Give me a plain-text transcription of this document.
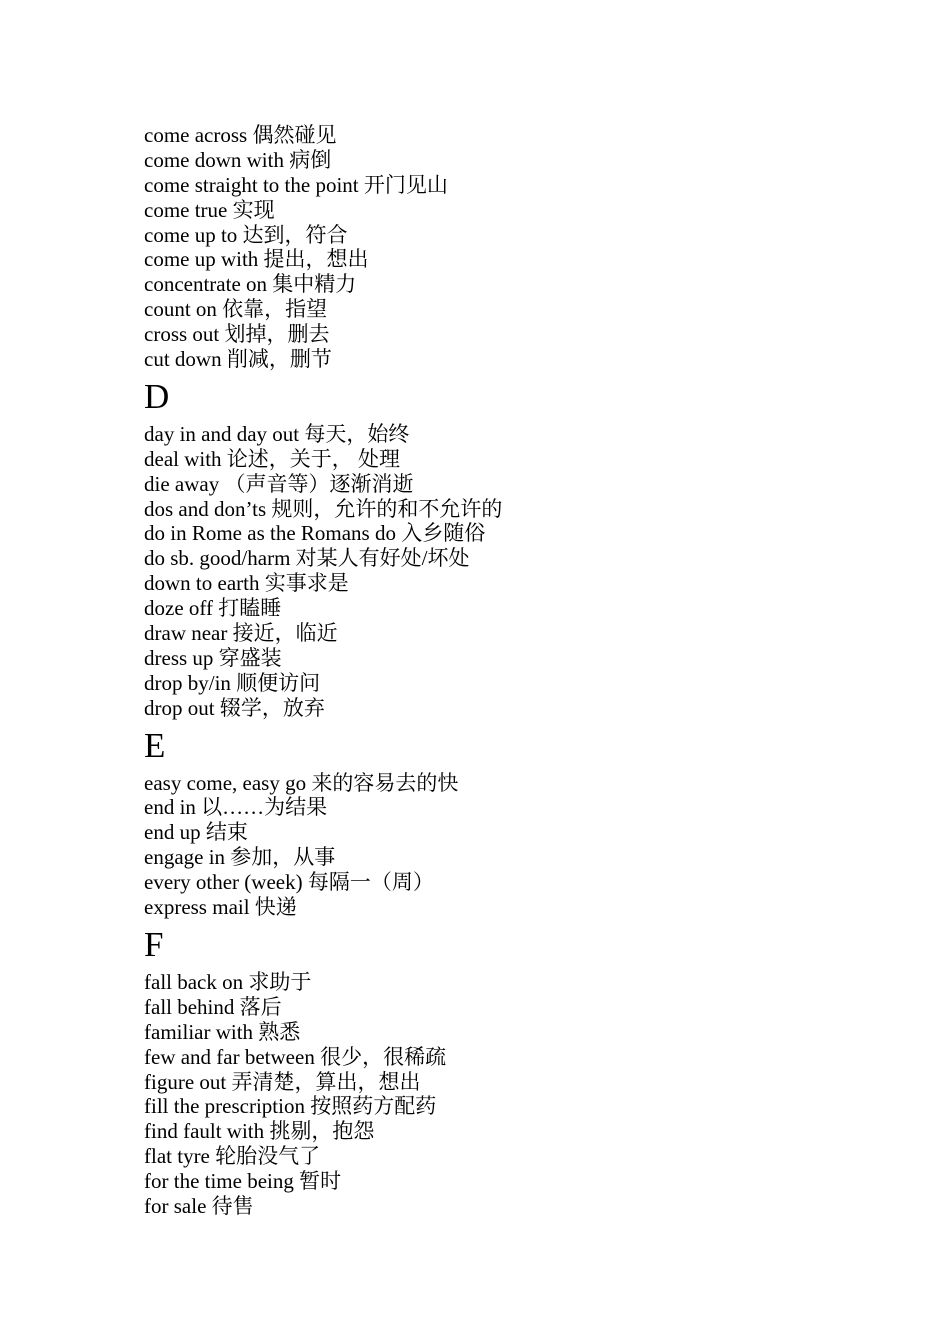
come across 偶然碰见
come down with 病倒
come straight to the point 开门见山
come true 实现
come up to 达到，符合
come up with 提出，想出
concentrate on 集中精力
count on 依靠，指望
cross out 划掉，删去
cut down 削减，删节
D
day in and day out 每天，始终
deal with 论述，关于， 处理
die away （声音等）逐渐消逝
dos and don’ts 规则，允许的和不允许的
do in Rome as the Romans do 入乡随俗
do sb. good/harm 对某人有好处/坏处
down to earth 实事求是
doze off 打瞌睡
draw near 接近，临近
dress up 穿盛装
drop by/in 顺便访问
drop out 辍学，放弃
E
easy come, easy go 来的容易去的快
end in 以……为结果
end up 结束
engage in 参加，从事
every other (week) 每隔一（周）
express mail 快递
F
fall back on 求助于
fall behind 落后
familiar with 熟悉
few and far between 很少，很稀疏
figure out 弄清楚，算出，想出
fill the prescription 按照药方配药
find fault with 挑剔，抱怨
flat tyre 轮胎没气了
for the time being 暂时
for sale 待售
